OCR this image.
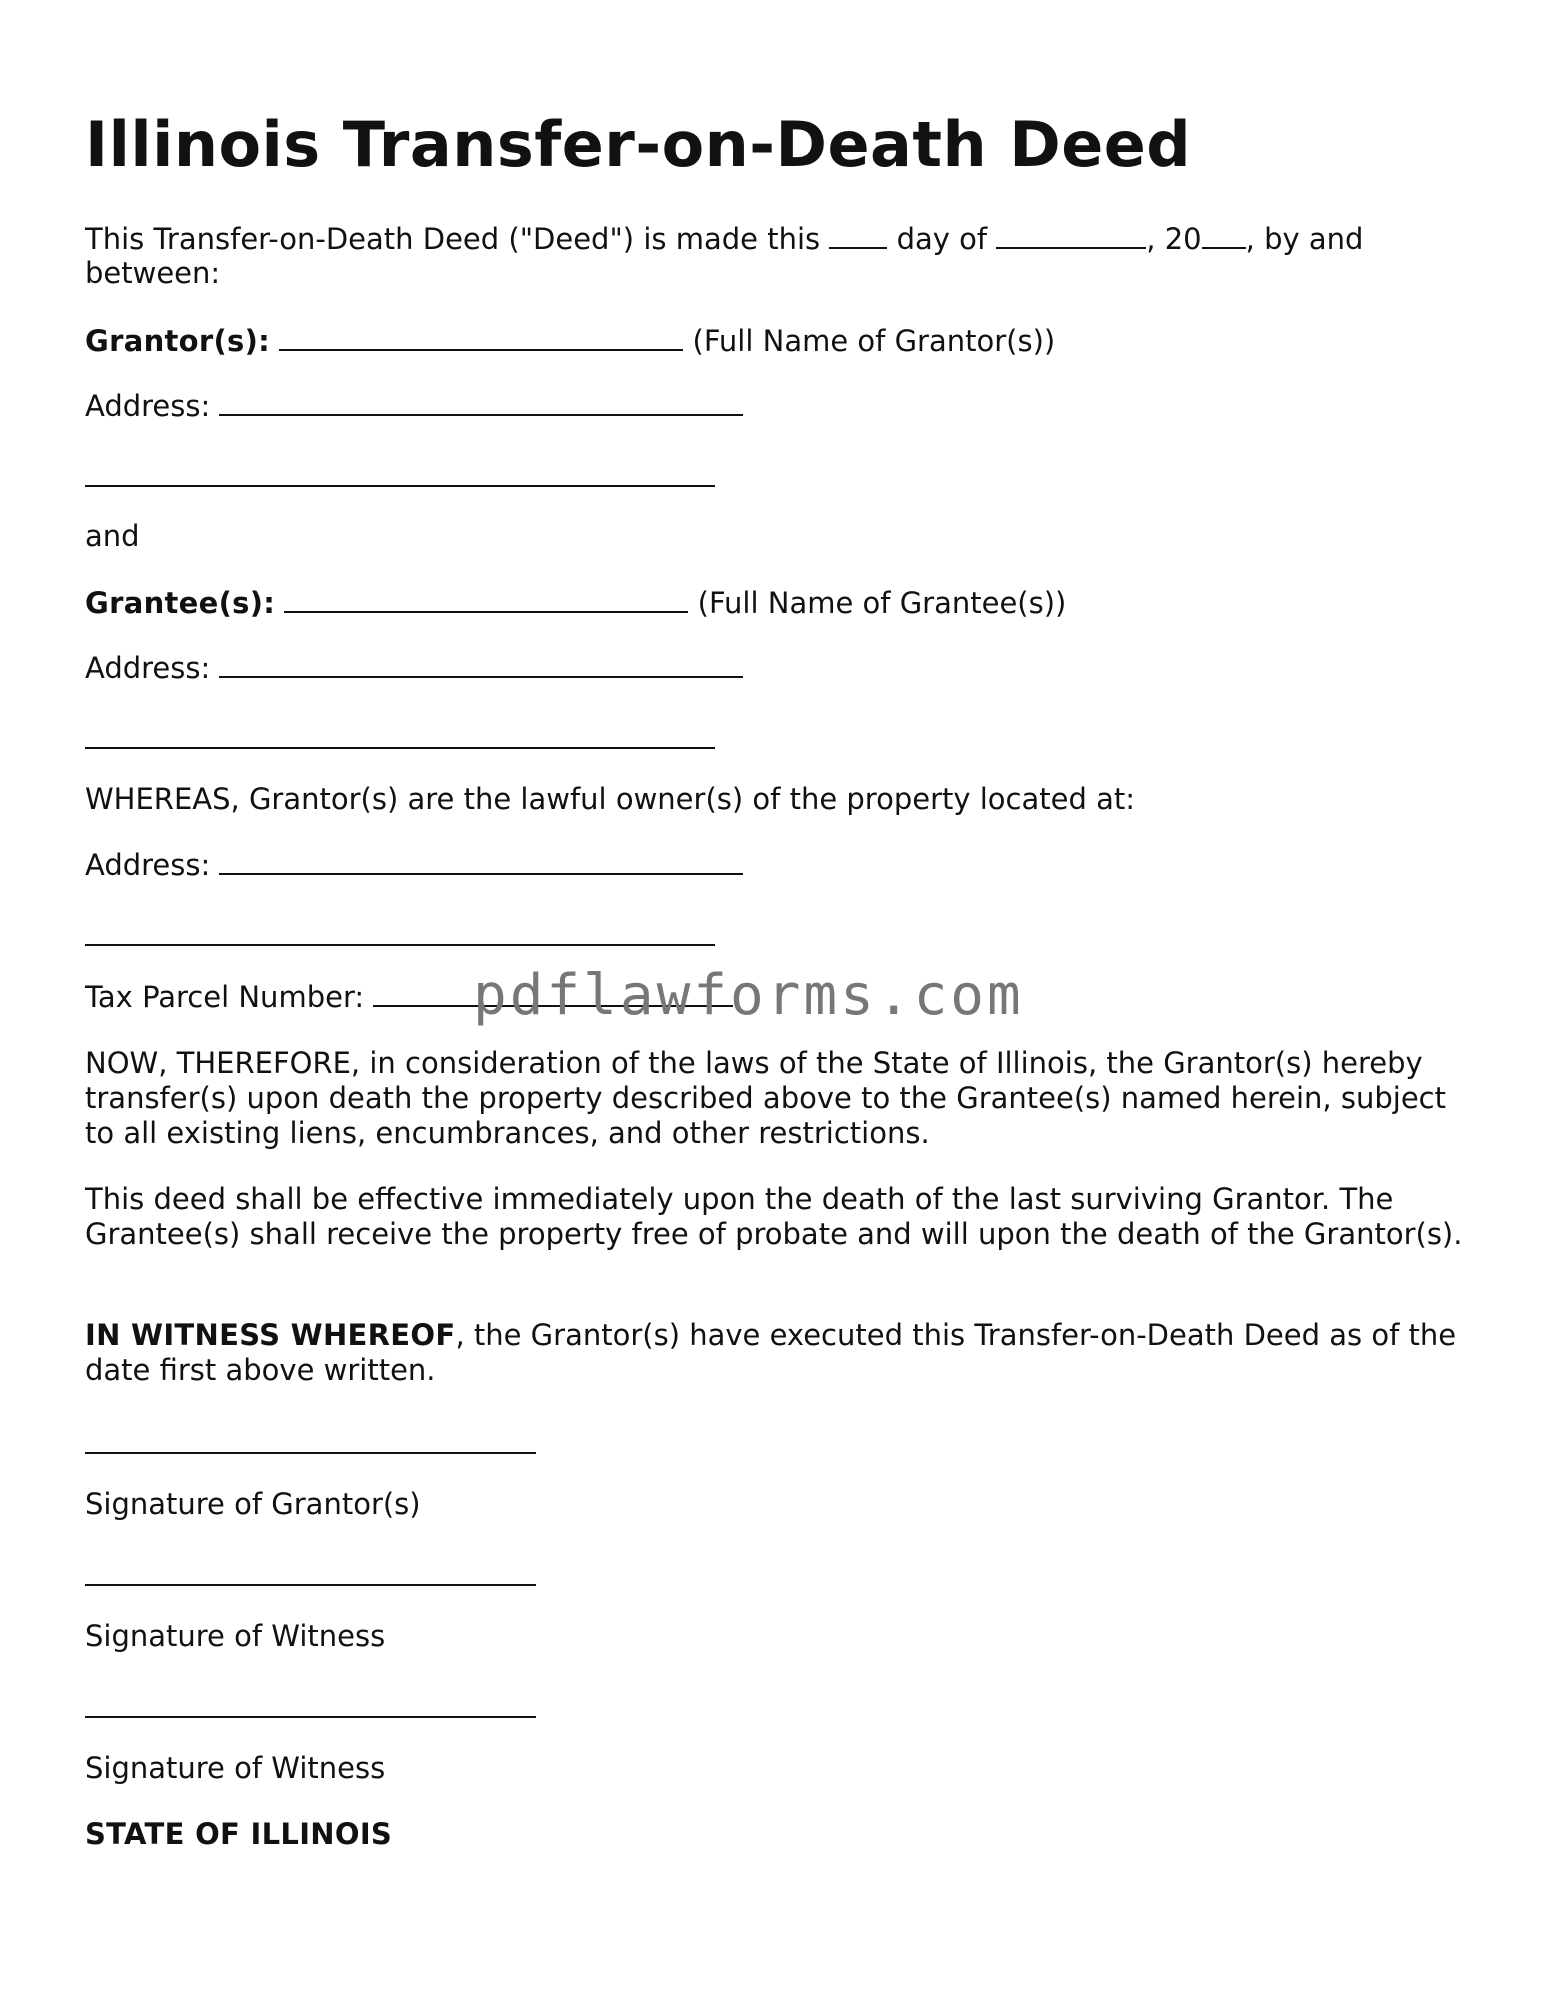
Illinois Transfer-on-Death Deed
This Transfer-on-Death Deed ("Deed") is made this	day of	, 20 , by and
between:
Grantor(s):	(Full Name of Grantor(s))
Address:
and
Grantee(s):	(Full Name of Grantee(s))
Address:
WHEREAS, Grantor(s) are the lawful owner(s) of the property located at:
Address:
Tax Parcel Number:
NOW, THEREFORE, in consideration of the laws of the State of Illinois, the Grantor(s) hereby transfer(s) upon death the property described above to the Grantee(s) named herein, subject to all existing liens, encumbrances, and other restrictions.
This deed shall be effective immediately upon the death of the last surviving Grantor. The Grantee(s) shall receive the property free of probate and will upon the death of the Grantor(s).
IN WITNESS WHEREOF, the Grantor(s) have executed this Transfer-on-Death Deed as of the date first above written.
Signature of Grantor(s)
Signature of Witness
Signature of Witness
STATE OF ILLINOIS
pdflawforms.com
